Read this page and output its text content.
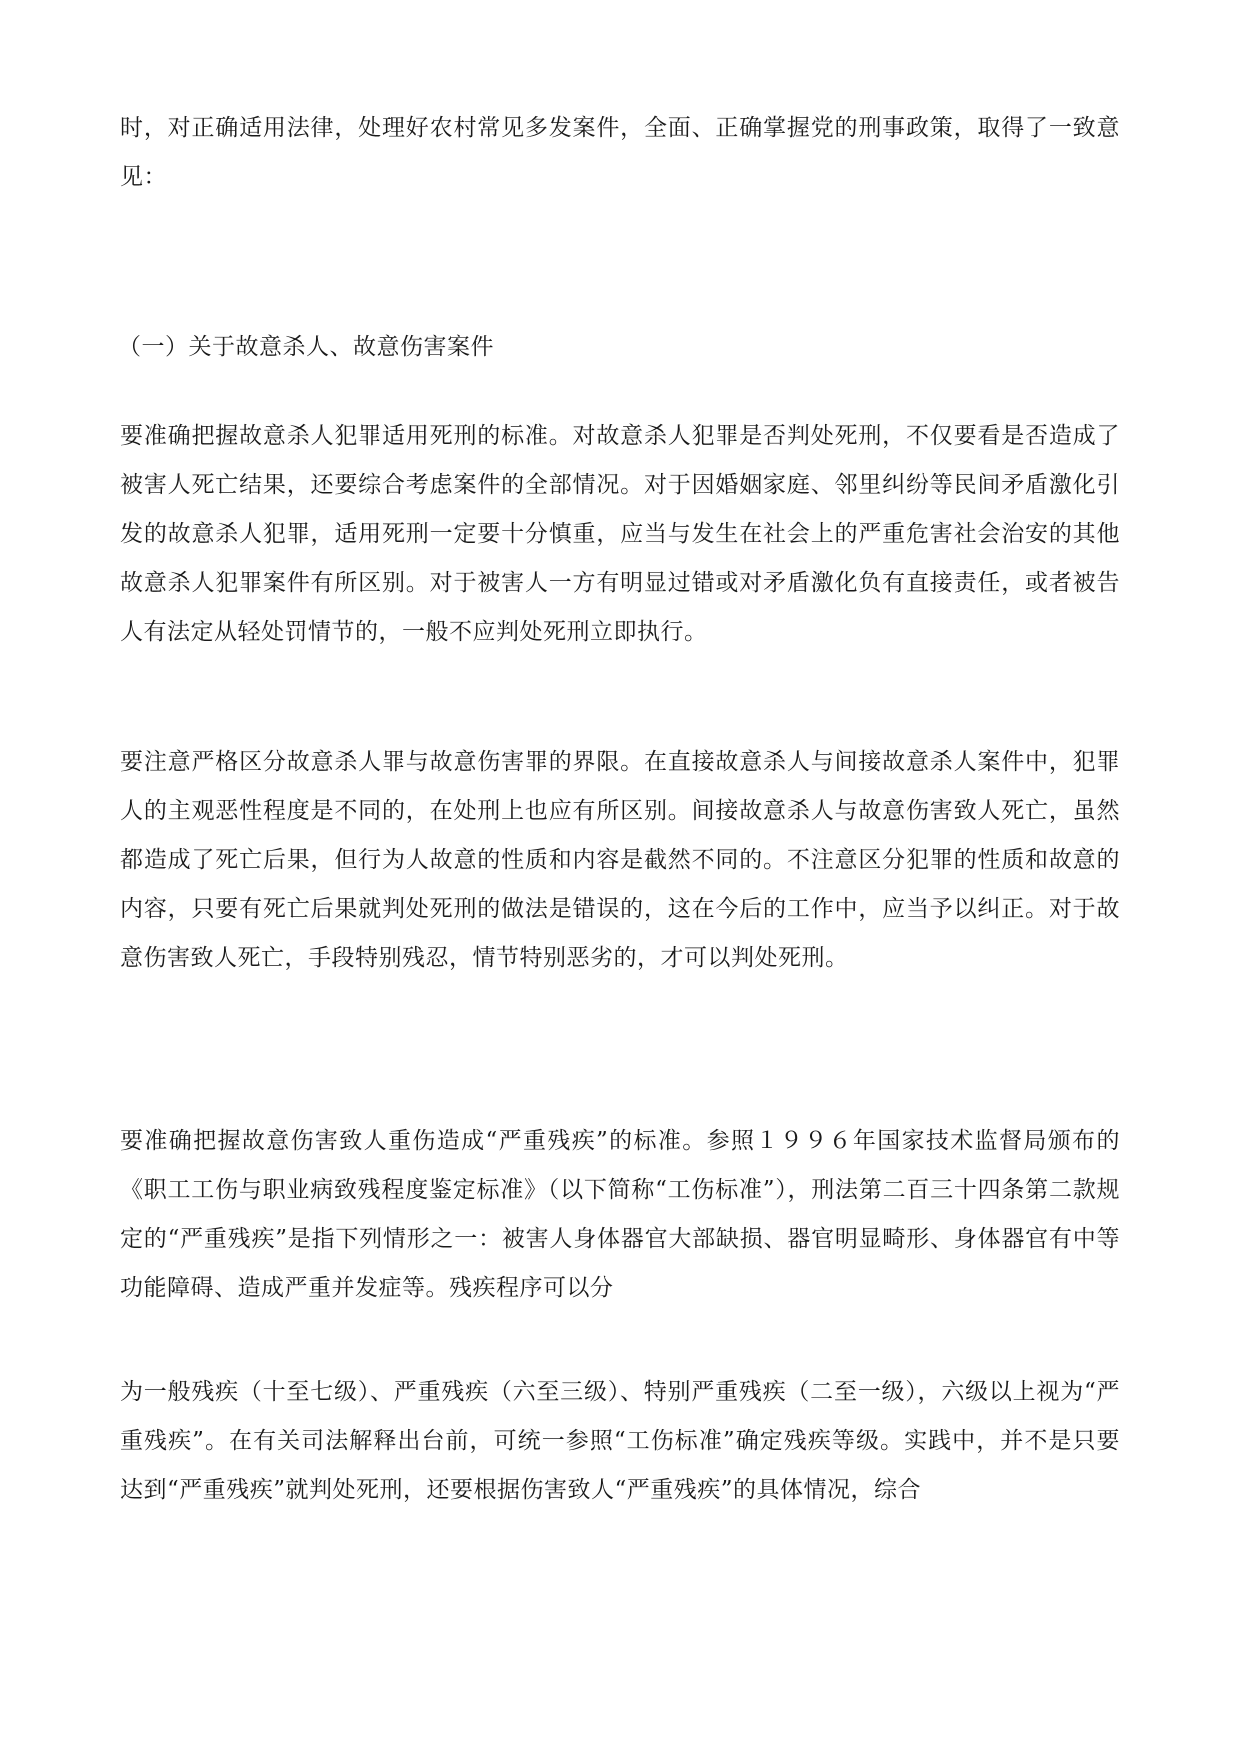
时，对正确适用法律，处理好农村常见多发案件，全面、正确掌握党的刑事政策，取得了一致意见：

（一）关于故意杀人、故意伤害案件

要准确把握故意杀人犯罪适用死刑的标准。对故意杀人犯罪是否判处死刑，不仅要看是否造成了被害人死亡结果，还要综合考虑案件的全部情况。对于因婚姻家庭、邻里纠纷等民间矛盾激化引发的故意杀人犯罪，适用死刑一定要十分慎重，应当与发生在社会上的严重危害社会治安的其他故意杀人犯罪案件有所区别。对于被害人一方有明显过错或对矛盾激化负有直接责任，或者被告人有法定从轻处罚情节的，一般不应判处死刑立即执行。

要注意严格区分故意杀人罪与故意伤害罪的界限。在直接故意杀人与间接故意杀人案件中，犯罪人的主观恶性程度是不同的，在处刑上也应有所区别。间接故意杀人与故意伤害致人死亡，虽然都造成了死亡后果，但行为人故意的性质和内容是截然不同的。不注意区分犯罪的性质和故意的内容，只要有死亡后果就判处死刑的做法是错误的，这在今后的工作中，应当予以纠正。对于故意伤害致人死亡，手段特别残忍，情节特别恶劣的，才可以判处死刑。

要准确把握故意伤害致人重伤造成“严重残疾”的标准。参照１９９６年国家技术监督局颁布的《职工工伤与职业病致残程度鉴定标准》（以下简称“工伤标准”），刑法第二百三十四条第二款规定的“严重残疾”是指下列情形之一：被害人身体器官大部缺损、器官明显畸形、身体器官有中等功能障碍、造成严重并发症等。残疾程序可以分

为一般残疾（十至七级）、严重残疾（六至三级）、特别严重残疾（二至一级），六级以上视为“严重残疾”。在有关司法解释出台前，可统一参照“工伤标准”确定残疾等级。实践中，并不是只要达到“严重残疾”就判处死刑，还要根据伤害致人“严重残疾”的具体情况，综合
